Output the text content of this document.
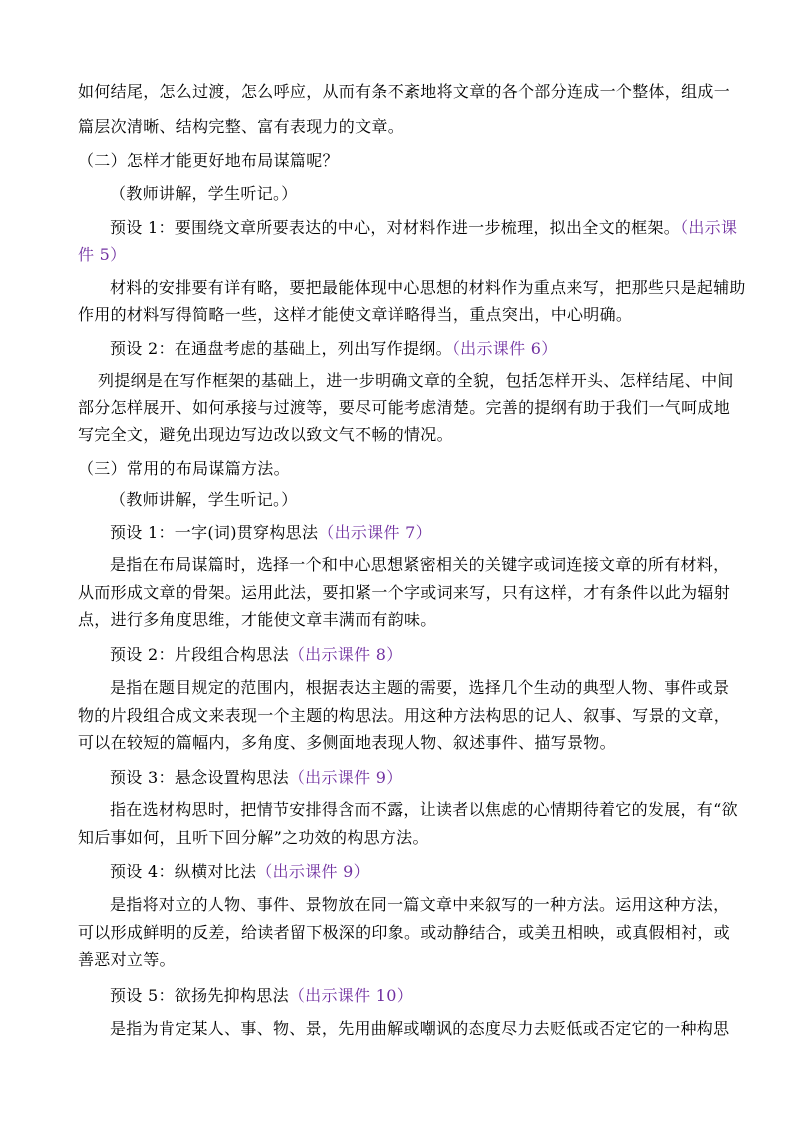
如何结尾，怎么过渡，怎么呼应，从而有条不紊地将文章的各个部分连成一个整体，组成一
篇层次清晰、结构完整、富有表现力的文章。
（二）怎样才能更好地布局谋篇呢？
（教师讲解，学生听记。）
预设 1：要围绕文章所要表达的中心，对材料作进一步梳理，拟出全文的框架。（出示课
件 5）
材料的安排要有详有略，要把最能体现中心思想的材料作为重点来写，把那些只是起辅助
作用的材料写得简略一些，这样才能使文章详略得当，重点突出，中心明确。
预设 2：在通盘考虑的基础上，列出写作提纲。（出示课件 6）
列提纲是在写作框架的基础上，进一步明确文章的全貌，包括怎样开头、怎样结尾、中间
部分怎样展开、如何承接与过渡等，要尽可能考虑清楚。完善的提纲有助于我们一气呵成地
写完全文，避免出现边写边改以致文气不畅的情况。
（三）常用的布局谋篇方法。
（教师讲解，学生听记。）
预设 1：一字(词)贯穿构思法（出示课件 7）
是指在布局谋篇时，选择一个和中心思想紧密相关的关键字或词连接文章的所有材料，
从而形成文章的骨架。运用此法，要扣紧一个字或词来写，只有这样，才有条件以此为辐射
点，进行多角度思维，才能使文章丰满而有韵味。
预设 2：片段组合构思法（出示课件 8）
是指在题目规定的范围内，根据表达主题的需要，选择几个生动的典型人物、事件或景
物的片段组合成文来表现一个主题的构思法。用这种方法构思的记人、叙事、写景的文章，
可以在较短的篇幅内，多角度、多侧面地表现人物、叙述事件、描写景物。
预设 3：悬念设置构思法（出示课件 9）
指在选材构思时，把情节安排得含而不露，让读者以焦虑的心情期待着它的发展，有“欲
知后事如何，且听下回分解”之功效的构思方法。
预设 4：纵横对比法（出示课件 9）
是指将对立的人物、事件、景物放在同一篇文章中来叙写的一种方法。运用这种方法，
可以形成鲜明的反差，给读者留下极深的印象。或动静结合，或美丑相映，或真假相衬，或
善恶对立等。
预设 5：欲扬先抑构思法（出示课件 10）
是指为肯定某人、事、物、景，先用曲解或嘲讽的态度尽力去贬低或否定它的一种构思
